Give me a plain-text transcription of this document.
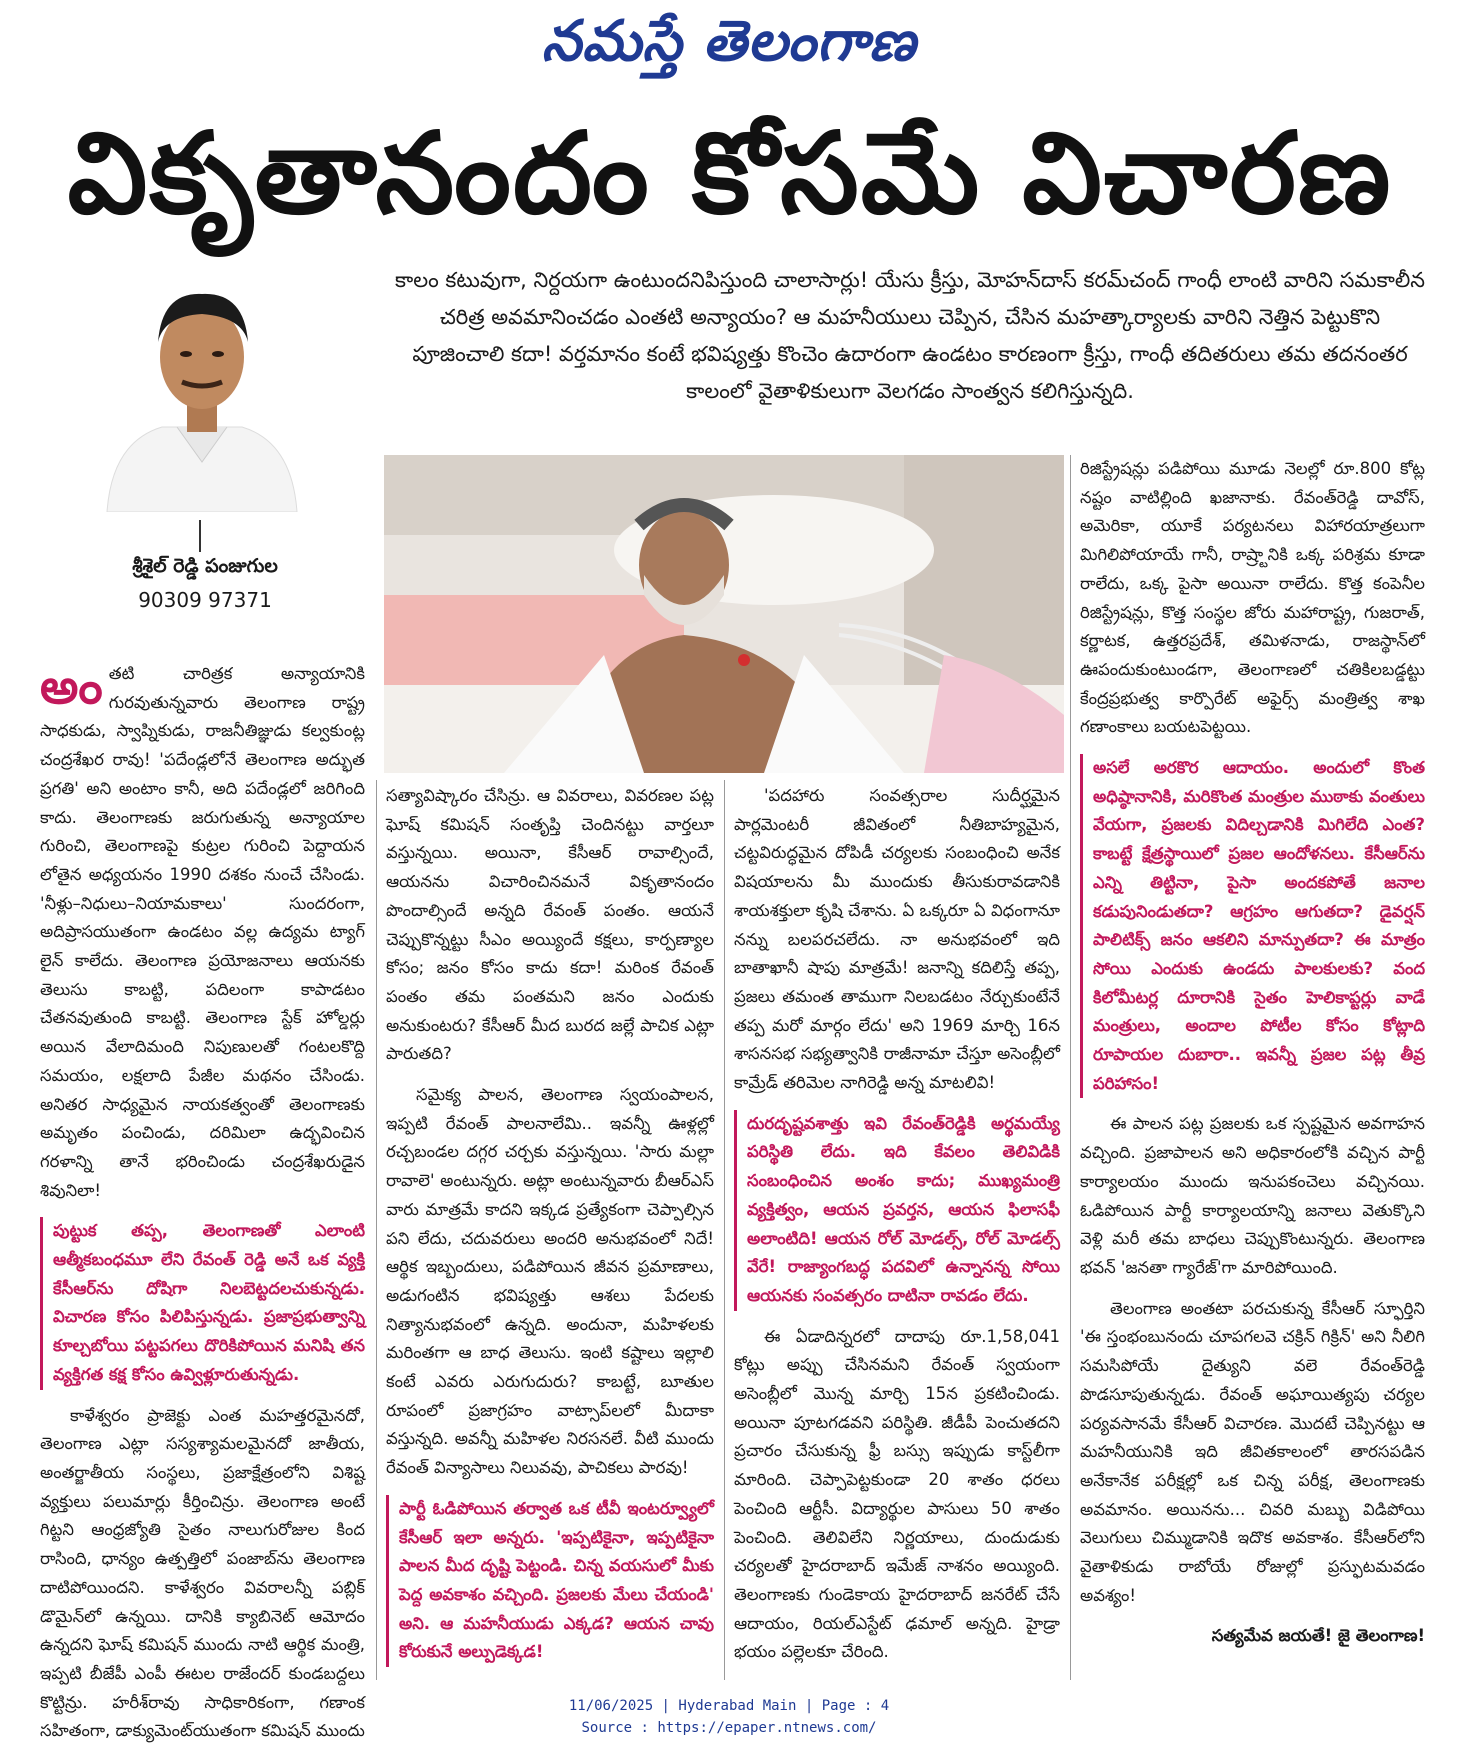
నమస్తే తెలంగాణ
వికృతానందం కోసమే విచారణ
శ్రీశైల్ రెడ్డి పంజుగుల
90309 97371
కాలం కటువుగా, నిర్దయగా ఉంటుందనిపిస్తుంది చాలాసార్లు! యేసు క్రీస్తు, మోహన్‌దాస్ కరమ్‌చంద్ గాంధీ లాంటి వారిని సమకాలీన చరిత్ర అవమానించడం ఎంతటి అన్యాయం? ఆ మహనీయులు చెప్పిన, చేసిన మహత్కార్యాలకు వారిని నెత్తిన పెట్టుకొని పూజించాలి కదా! వర్తమానం కంటే భవిష్యత్తు కొంచెం ఉదారంగా ఉండటం కారణంగా క్రీస్తు, గాంధీ తదితరులు తమ తదనంతర కాలంలో వైతాళికులుగా వెలగడం సాంత్వన కలిగిస్తున్నది.

అంతటి చారిత్రక అన్యాయానికి గురవుతున్నవారు తెలంగాణ రాష్ట్ర సాధకుడు, స్వాప్నికుడు, రాజనీతిజ్ఞుడు కల్వకుంట్ల చంద్రశేఖర రావు! 'పదేండ్లలోనే తెలంగాణ అద్భుత ప్రగతి' అని అంటాం కానీ, అది పదేండ్లలో జరిగింది కాదు. తెలంగాణకు జరుగుతున్న అన్యాయాల గురించి, తెలంగాణపై కుట్రల గురించి పెద్దాయన లోతైన అధ్యయనం 1990 దశకం నుంచే చేసిండు. 'నీళ్లు–నిధులు–నియామకాలు' సుందరంగా, అదిప్రాసయుతంగా ఉండటం వల్ల ఉద్యమ ట్యాగ్ లైన్ కాలేదు. తెలంగాణ ప్రయోజనాలు ఆయనకు తెలుసు కాబట్టి, పదిలంగా కాపాడటం చేతనవుతుంది కాబట్టి. తెలంగాణ స్టేక్ హోల్డర్లు అయిన వేలాదిమంది నిపుణులతో గంటలకొద్ది సమయం, లక్షలాది పేజీల మథనం చేసిండు. అనితర సాధ్యమైన నాయకత్వంతో తెలంగాణకు అమృతం పంచిండు, దరిమిలా ఉద్భవించిన గరళాన్ని తానే భరించిండు చంద్రశేఖరుడైన శివునిలా!

పుట్టుక తప్ప, తెలంగాణతో ఎలాంటి ఆత్మీకబంధమూ లేని రేవంత్ రెడ్డి అనే ఒక వ్యక్తి కేసీఆర్‌ను దోషిగా నిలబెట్టదలచుకున్నడు. విచారణ కోసం పిలిపిస్తున్నడు. ప్రజాప్రభుత్వాన్ని కూల్చబోయి పట్టపగలు దొరికిపోయిన మనిషి తన వ్యక్తిగత కక్ష కోసం ఉవ్విళ్లూరుతున్నడు.

కాళేశ్వరం ప్రాజెక్టు ఎంత మహత్తరమైనదో, తెలంగాణ ఎట్లా సస్యశ్యామలమైనదో జాతీయ, అంతర్జాతీయ సంస్థలు, ప్రజాక్షేత్రంలోని విశిష్ట వ్యక్తులు పలుమార్లు కీర్తించిన్రు. తెలంగాణ అంటే గిట్టని ఆంధ్రజ్యోతి సైతం నాలుగురోజుల కింద రాసింది, ధాన్యం ఉత్పత్తిలో పంజాబ్‌ను తెలంగాణ దాటిపోయిందని. కాళేశ్వరం వివరాలన్నీ పబ్లిక్ డొమైన్‌లో ఉన్నయి. దానికి క్యాబినెట్ ఆమోదం ఉన్నదని ఘోష్ కమిషన్ ముందు నాటి ఆర్థిక మంత్రి, ఇప్పటి బీజేపీ ఎంపీ ఈటల రాజేందర్ కుండబద్దలు కొట్టిన్రు. హరీశ్‌రావు సాధికారికంగా, గణాంక సహితంగా, డాక్యుమెంట్‌యుతంగా కమిషన్ ముందు

సత్యావిష్కారం చేసిన్రు. ఆ వివరాలు, వివరణల పట్ల ఘోష్ కమిషన్ సంతృప్తి చెందినట్టు వార్తలూ వస్తున్నయి. అయినా, కేసీఆర్ రావాల్సిందే, ఆయనను విచారించినమనే వికృతానందం పొందాల్సిందే అన్నది రేవంత్ పంతం. ఆయనే చెప్పుకొన్నట్టు సీఎం అయ్యిందే కక్షలు, కార్పణ్యాల కోసం; జనం కోసం కాదు కదా! మరింక రేవంత్ పంతం తమ పంతమని జనం ఎందుకు అనుకుంటరు? కేసీఆర్ మీద బురద జల్లే పాచిక ఎట్లా పారుతది?

సమైక్య పాలన, తెలంగాణ స్వయంపాలన, ఇప్పటి రేవంత్ పాలనాలేమి.. ఇవన్నీ ఊళ్లల్లో రచ్చబండల దగ్గర చర్చకు వస్తున్నయి. 'సారు మల్లా రావాలె' అంటున్నరు. అట్లా అంటున్నవారు బీఆర్ఎస్ వారు మాత్రమే కాదని ఇక్కడ ప్రత్యేకంగా చెప్పాల్సిన పని లేదు, చదువరులు అందరి అనుభవంలో నిదే! ఆర్థిక ఇబ్బందులు, పడిపోయిన జీవన ప్రమాణాలు, అడుగంటిన భవిష్యత్తు ఆశలు పేదలకు నిత్యానుభవంలో ఉన్నది. అందునా, మహిళలకు మరింతగా ఆ బాధ తెలుసు. ఇంటి కష్టాలు ఇల్లాలి కంటే ఎవరు ఎరుగుదురు? కాబట్టే, బూతుల రూపంలో ప్రజాగ్రహం వాట్సాప్‌లలో మీదాకా వస్తున్నది. అవన్నీ మహిళల నిరసనలే. వీటి ముందు రేవంత్ విన్యాసాలు నిలువవు, పాచికలు పారవు!

పార్టీ ఓడిపోయిన తర్వాత ఒక టీవీ ఇంటర్వ్యూలో కేసీఆర్ ఇలా అన్నరు. 'ఇప్పటికైనా, ఇప్పటికైనా పాలన మీద దృష్టి పెట్టండి. చిన్న వయసులో మీకు పెద్ద అవకాశం వచ్చింది. ప్రజలకు మేలు చేయండి' అని. ఆ మహనీయుడు ఎక్కడ? ఆయన చావు కోరుకునే అల్పుడెక్కడ!

'పదహారు సంవత్సరాల సుదీర్ఘమైన పార్లమెంటరీ జీవితంలో నీతిబాహ్యమైన, చట్టవిరుద్ధమైన దోపిడీ చర్యలకు సంబంధించి అనేక విషయాలను మీ ముందుకు తీసుకురావడానికి శాయశక్తులా కృషి చేశాను. ఏ ఒక్కరూ ఏ విధంగానూ నన్ను బలపరచలేదు. నా అనుభవంలో ఇది బాతాఖానీ షాపు మాత్రమే! జనాన్ని కదిలిస్తే తప్ప, ప్రజలు తమంత తాముగా నిలబడటం నేర్చుకుంటేనే తప్ప మరో మార్గం లేదు' అని 1969 మార్చి 16న శాసనసభ సభ్యత్వానికి రాజీనామా చేస్తూ అసెంబ్లీలో కామ్రేడ్ తరిమెల నాగిరెడ్డి అన్న మాటలివి!

దురదృష్టవశాత్తు ఇవి రేవంత్‌రెడ్డికి అర్థమయ్యే పరిస్థితి లేదు. ఇది కేవలం తెలివిడికి సంబంధించిన అంశం కాదు; ముఖ్యమంత్రి వ్యక్తిత్వం, ఆయన ప్రవర్తన, ఆయన ఫిలాసఫీ అలాంటిది! ఆయన రోల్ మోడల్స్, రోల్ మోడల్స్ వేరే! రాజ్యాంగబద్ధ పదవిలో ఉన్నానన్న సోయి ఆయనకు సంవత్సరం దాటినా రావడం లేదు.

ఈ ఏడాదిన్నరలో దాదాపు రూ.1,58,041 కోట్లు అప్పు చేసినమని రేవంత్ స్వయంగా అసెంబ్లీలో మొన్న మార్చి 15న ప్రకటించిండు. అయినా పూటగడవని పరిస్థితి. జీడీపీ పెంచుతదని ప్రచారం చేసుకున్న ఫ్రీ బస్సు ఇప్పుడు కాస్ట్‌లీగా మారింది. చెప్పాపెట్టకుండా 20 శాతం ధరలు పెంచింది ఆర్టీసీ. విద్యార్థుల పాసులు 50 శాతం పెంచింది. తెలివిలేని నిర్ణయాలు, దుందుడుకు చర్యలతో హైదరాబాద్ ఇమేజ్ నాశనం అయ్యింది. తెలంగాణకు గుండెకాయ హైదరాబాద్ జనరేట్ చేసే ఆదాయం, రియల్ఎస్టేట్ ఢమాల్ అన్నది. హైడ్రా భయం పల్లెలకూ చేరింది.

రిజిస్ట్రేషన్లు పడిపోయి మూడు నెలల్లో రూ.800 కోట్ల నష్టం వాటిల్లింది ఖజానాకు. రేవంత్‌రెడ్డి దావోస్, అమెరికా, యూకే పర్యటనలు విహారయాత్రలుగా మిగిలిపోయాయే గానీ, రాష్ర్టానికి ఒక్క పరిశ్రమ కూడా రాలేదు, ఒక్క పైసా అయినా రాలేదు. కొత్త కంపెనీల రిజిస్ట్రేషన్లు, కొత్త సంస్థల జోరు మహారాష్ట్ర, గుజరాత్, కర్ణాటక, ఉత్తరప్రదేశ్, తమిళనాడు, రాజస్థాన్‌లో ఊపందుకుంటుండగా, తెలంగాణలో చతికిలబడ్డట్టు కేంద్రప్రభుత్వ కార్పొరేట్ అఫైర్స్ మంత్రిత్వ శాఖ గణాంకాలు బయటపెట్టయి.

అసలే అరకొర ఆదాయం. అందులో కొంత అధిష్ఠానానికి, మరికొంత మంత్రుల ముఠాకు వంతులు వేయగా, ప్రజలకు విదిల్చడానికి మిగిలేది ఎంత? కాబట్టే క్షేత్రస్థాయిలో ప్రజల ఆందోళనలు. కేసీఆర్‌ను ఎన్ని తిట్టినా, పైసా అందకపోతే జనాల కడుపునిండుతదా? ఆగ్రహం ఆగుతదా? డైవర్షన్ పాలిటిక్స్ జనం ఆకలిని మాన్పుతదా? ఈ మాత్రం సోయి ఎందుకు ఉండదు పాలకులకు? వంద కిలోమీటర్ల దూరానికి సైతం హెలికాప్టర్లు వాడే మంత్రులు, అందాల పోటీల కోసం కోట్లాది రూపాయల దుబారా.. ఇవన్నీ ప్రజల పట్ల తీవ్ర పరిహాసం!

ఈ పాలన పట్ల ప్రజలకు ఒక స్పష్టమైన అవగాహన వచ్చింది. ప్రజాపాలన అని అధికారంలోకి వచ్చిన పార్టీ కార్యాలయం ముందు ఇనుపకంచెలు వచ్చినయి. ఓడిపోయిన పార్టీ కార్యాలయాన్ని జనాలు వెతుక్కొని వెళ్లి మరీ తమ బాధలు చెప్పుకొంటున్నరు. తెలంగాణ భవన్ 'జనతా గ్యారేజ్'గా మారిపోయింది.

తెలంగాణ అంతటా పరచుకున్న కేసీఆర్ స్ఫూర్తిని 'ఈ స్తంభంబునందు చూపగలవె చక్రిన్ గిక్రిన్' అని నీలిగి సమసిపోయే దైత్యుని వలె రేవంత్‌రెడ్డి పొడసూపుతున్నడు. రేవంత్ అఘాయిత్యపు చర్యల పర్యవసానమే కేసీఆర్ విచారణ. మొదటే చెప్పినట్టు ఆ మహనీయునికి ఇది జీవితకాలంలో తారసపడిన అనేకానేక పరీక్షల్లో ఒక చిన్న పరీక్ష, తెలంగాణకు అవమానం. అయినను... చివరి మబ్బు విడిపోయి వెలుగులు చిమ్ముడానికి ఇదొక అవకాశం. కేసీఆర్‌లోని వైతాళికుడు రాబోయే రోజుల్లో ప్రస్ఫుటమవడం అవశ్యం!

సత్యమేవ జయతే! జై తెలంగాణ!

11/06/2025 | Hyderabad Main | Page : 4
Source : https://epaper.ntnews.com/
